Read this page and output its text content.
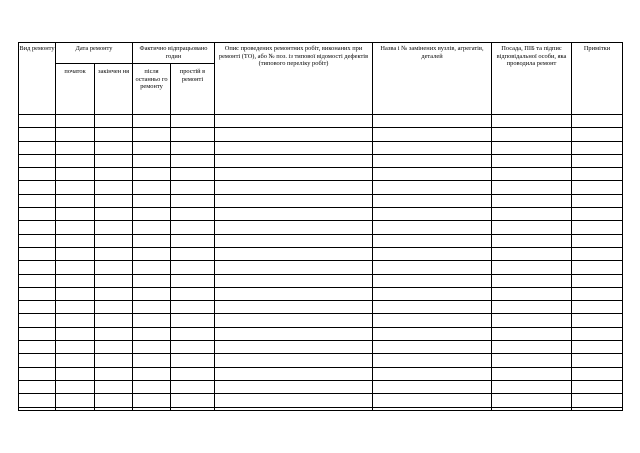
Вид ремонту	Дата ремонту		Фактично відпрацьовано годин		Опис проведених ремонтних робіт, виконаних при ремонті (ТО), або № поз. із типової відомості дефектів (типового переліку робіт)	Назва і № замінених вузлів, агрегатів, деталей	Посада, ПІБ та підпис відповідальної особи, яка проводила ремонт	Примітки

	початок	закінчен ня	після останньо го ремонту	простій в ремонті				
